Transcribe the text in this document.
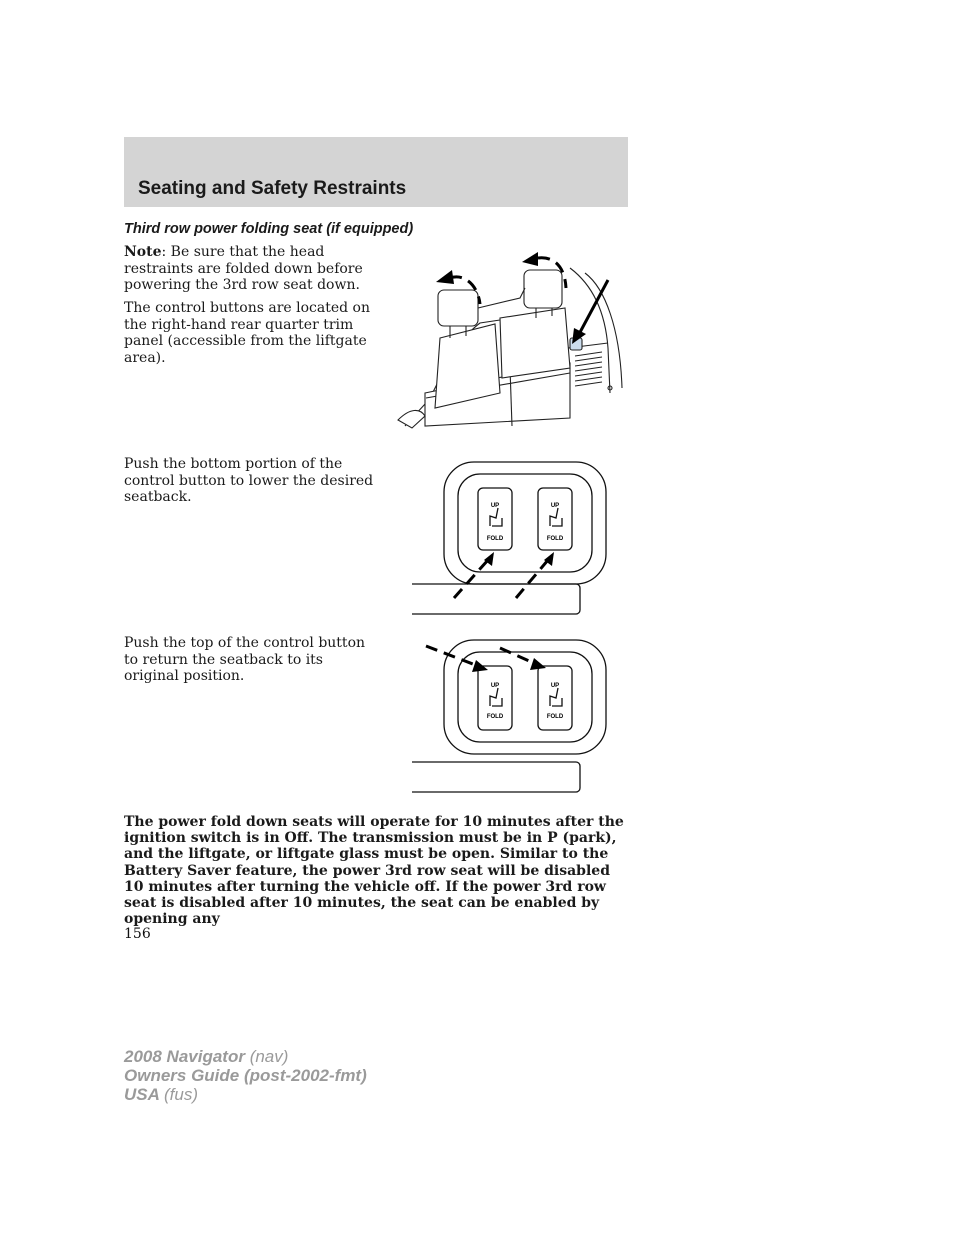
Seating and Safety Restraints
Third row power folding seat (if equipped)

Note: Be sure that the head restraints are folded down before powering the 3rd row seat down.

The control buttons are located on the right-hand rear quarter trim panel (accessible from the liftgate area).

Push the bottom portion of the control button to lower the desired seatback.

Push the top of the control button to return the seatback to its original position.

UP
FOLD
UP
FOLD
UP
FOLD
UP
FOLD

The power fold down seats will operate for 10 minutes after the ignition switch is in Off. The transmission must be in P (park), and the liftgate, or liftgate glass must be open. Similar to the Battery Saver feature, the power 3rd row seat will be disabled 10 minutes after turning the vehicle off. If the power 3rd row seat is disabled after 10 minutes, the seat can be enabled by opening any

156
2008 Navigator (nav)
Owners Guide (post-2002-fmt)
USA (fus)
